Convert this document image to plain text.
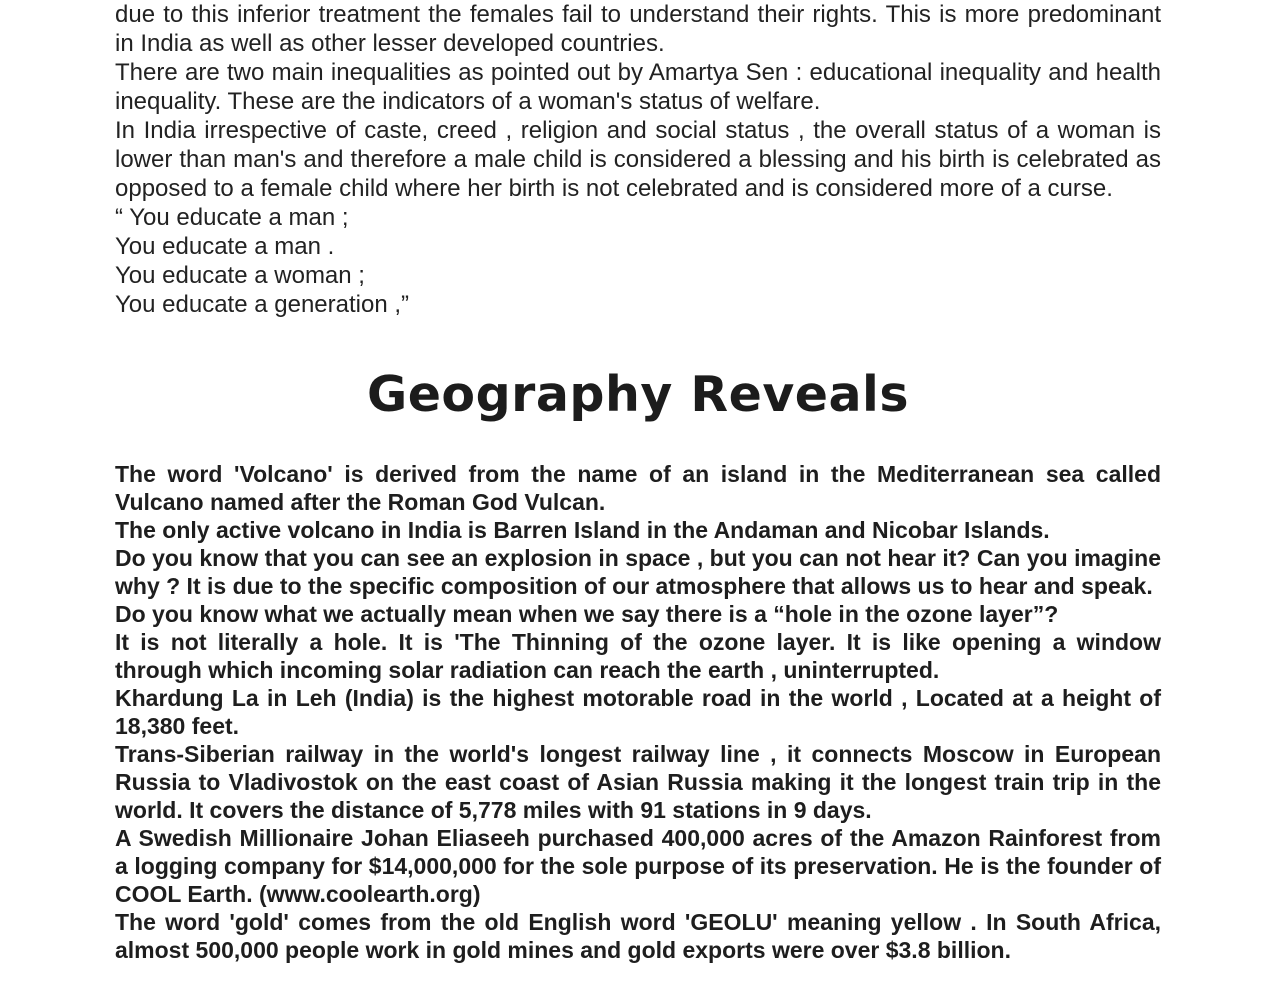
due to this inferior treatment the females fail to understand their rights. This is more predominant in India as well as other lesser developed countries.

There are two main inequalities as pointed out by Amartya Sen : educational inequality and health inequality. These are the indicators of a woman's status of welfare.

In India irrespective of caste, creed , religion and social status , the overall status of a woman is lower than man's and therefore a male child is considered a blessing and his birth is celebrated as opposed to a female child where her birth is not celebrated and is considered more of a curse.

“ You educate a man ;

You educate a man .

You educate a woman ;

You educate a generation ,”

Geography Reveals

The word 'Volcano' is derived from the name of an island in the Mediterranean sea called Vulcano named after the Roman God Vulcan.

The only active volcano in India is Barren Island in the Andaman and Nicobar Islands.

Do you know that you can see an explosion in space , but you can not hear it? Can you imagine why ? It is due to the specific composition of our atmosphere that allows us to hear and speak.

Do you know what we actually mean when we say there is a “hole in the ozone layer”?

It is not literally a hole. It is 'The Thinning of the ozone layer. It is like opening a window through which incoming solar radiation can reach the earth , uninterrupted.

Khardung La in Leh (India) is the highest motorable road in the world , Located at a height of 18,380 feet.

Trans-Siberian railway in the world's longest railway line , it connects Moscow in European Russia to Vladivostok on the east coast of Asian Russia making it the longest train trip in the world. It covers the distance of 5,778 miles with 91 stations in 9 days.

A Swedish Millionaire Johan Eliaseeh purchased 400,000 acres of the Amazon Rainforest from a logging company for $14,000,000 for the sole purpose of its preservation. He is the founder of COOL Earth. (www.coolearth.org)

The word 'gold' comes from the old English word 'GEOLU' meaning yellow . In South Africa, almost 500,000 people work in gold mines and gold exports were over $3.8 billion.
